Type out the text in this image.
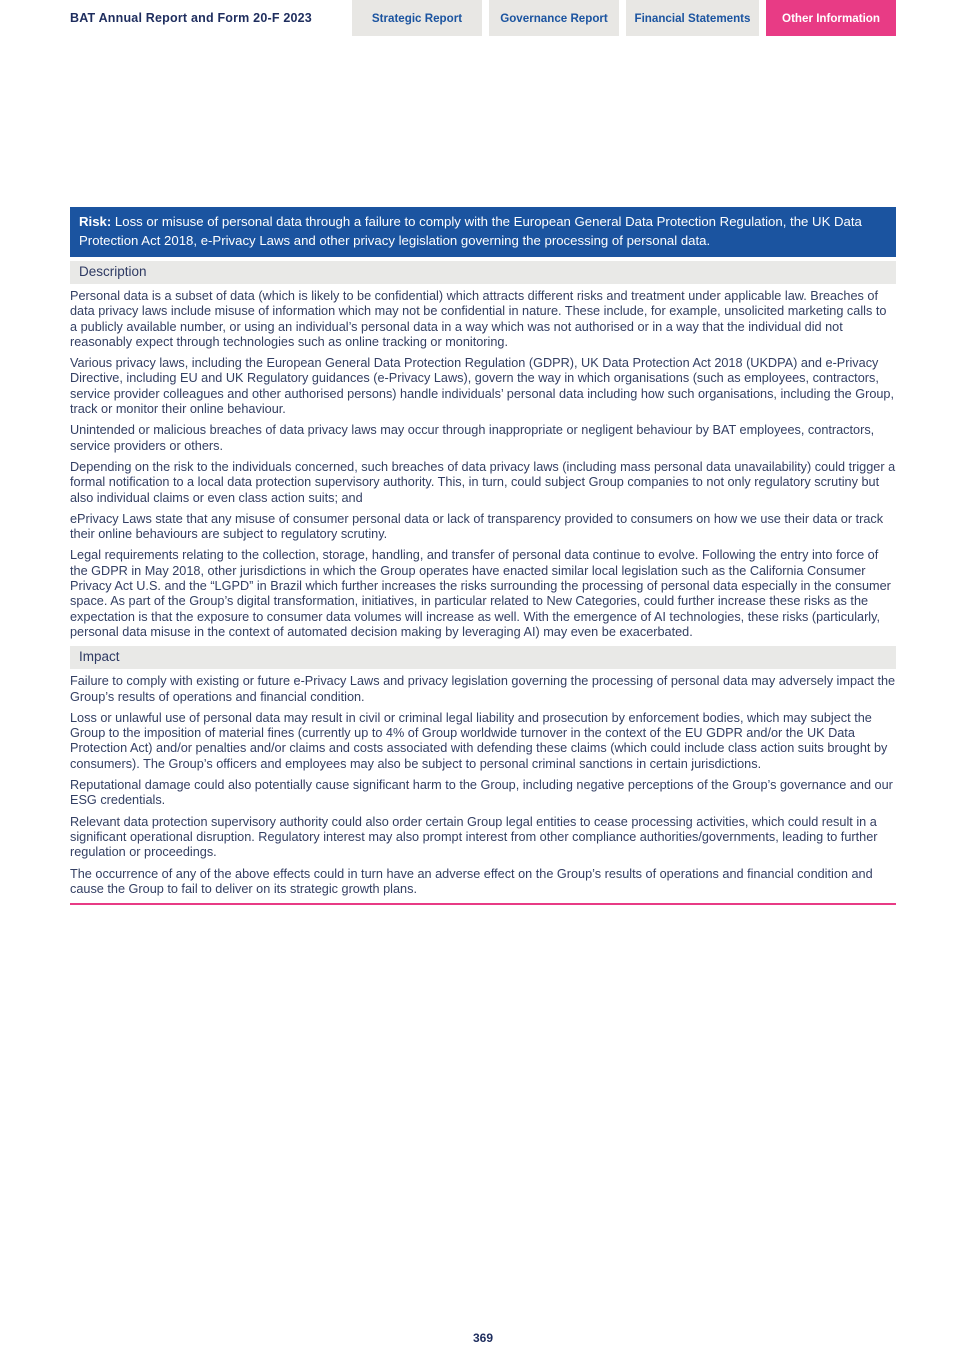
BAT Annual Report and Form 20-F 2023	Strategic Report	Governance Report	Financial Statements	Other Information
Risk: Loss or misuse of personal data through a failure to comply with the European General Data Protection Regulation, the UK Data Protection Act 2018, e-Privacy Laws and other privacy legislation governing the processing of personal data.
Description

Personal data is a subset of data (which is likely to be confidential) which attracts different risks and treatment under applicable law. Breaches of data privacy laws include misuse of information which may not be confidential in nature. These include, for example, unsolicited marketing calls to a publicly available number, or using an individual’s personal data in a way which was not authorised or in a way that the individual did not reasonably expect through technologies such as online tracking or monitoring.

Various privacy laws, including the European General Data Protection Regulation (GDPR), UK Data Protection Act 2018 (UKDPA) and e-Privacy Directive, including EU and UK Regulatory guidances (e-Privacy Laws), govern the way in which organisations (such as employees, contractors, service provider colleagues and other authorised persons) handle individuals’ personal data including how such organisations, including the Group, track or monitor their online behaviour.

Unintended or malicious breaches of data privacy laws may occur through inappropriate or negligent behaviour by BAT employees, contractors, service providers or others.

Depending on the risk to the individuals concerned, such breaches of data privacy laws (including mass personal data unavailability) could trigger a formal notification to a local data protection supervisory authority. This, in turn, could subject Group companies to not only regulatory scrutiny but also individual claims or even class action suits; and

ePrivacy Laws state that any misuse of consumer personal data or lack of transparency provided to consumers on how we use their data or track their online behaviours are subject to regulatory scrutiny.

Legal requirements relating to the collection, storage, handling, and transfer of personal data continue to evolve. Following the entry into force of the GDPR in May 2018, other jurisdictions in which the Group operates have enacted similar local legislation such as the California Consumer Privacy Act U.S. and the “LGPD” in Brazil which further increases the risks surrounding the processing of personal data especially in the consumer space. As part of the Group’s digital transformation, initiatives, in particular related to New Categories, could further increase these risks as the expectation is that the exposure to consumer data volumes will increase as well. With the emergence of AI technologies, these risks (particularly, personal data misuse in the context of automated decision making by leveraging AI) may even be exacerbated.

Impact

Failure to comply with existing or future e-Privacy Laws and privacy legislation governing the processing of personal data may adversely impact the Group’s results of operations and financial condition.

Loss or unlawful use of personal data may result in civil or criminal legal liability and prosecution by enforcement bodies, which may subject the Group to the imposition of material fines (currently up to 4% of Group worldwide turnover in the context of the EU GDPR and/or the UK Data Protection Act) and/or penalties and/or claims and costs associated with defending these claims (which could include class action suits brought by consumers). The Group’s officers and employees may also be subject to personal criminal sanctions in certain jurisdictions.

Reputational damage could also potentially cause significant harm to the Group, including negative perceptions of the Group’s governance and our ESG credentials.

Relevant data protection supervisory authority could also order certain Group legal entities to cease processing activities, which could result in a significant operational disruption. Regulatory interest may also prompt interest from other compliance authorities/governments, leading to further regulation or proceedings.

The occurrence of any of the above effects could in turn have an adverse effect on the Group’s results of operations and financial condition and cause the Group to fail to deliver on its strategic growth plans.

369
